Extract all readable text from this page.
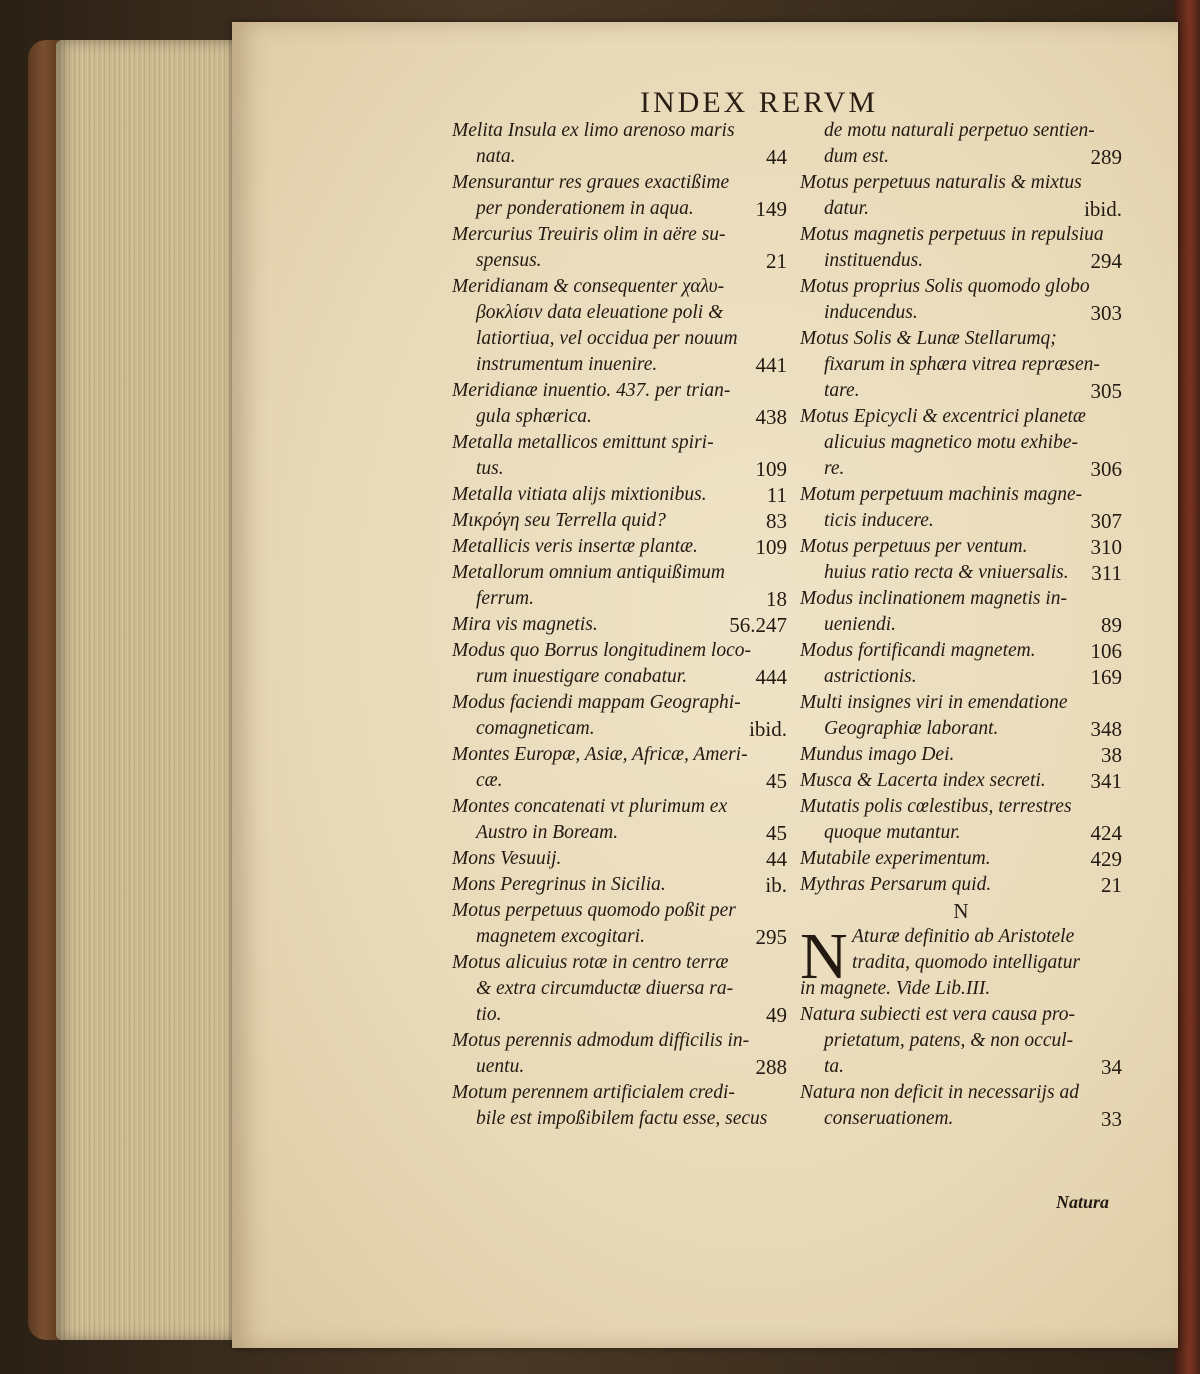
INDEX RERVM
Melita Insula ex limo arenoso maris
nata.	44
Mensurantur res graues exactißime
per ponderationem in aqua.	149
Mercurius Treuiris olim in aëre su-
spensus.	21
Meridianam & consequenter χαλυ-
βοκλίσιν data eleuatione poli &
latiortiua, vel occidua per nouum
instrumentum inuenire.	441
Meridianæ inuentio. 437. per trian-
gula sphærica.	438
Metalla metallicos emittunt spiri-
tus.	109
Metalla vitiata alijs mixtionibus.	11
Μικρόγη seu Terrella quid?	83
Metallicis veris insertæ plantæ.	109
Metallorum omnium antiquißimum
ferrum.	18
Mira vis magnetis.	56.247
Modus quo Borrus longitudinem loco-
rum inuestigare conabatur.	444
Modus faciendi mappam Geographi-
comagneticam.	ibid.
Montes Europæ, Asiæ, Africæ, Ameri-
cæ.	45
Montes concatenati vt plurimum ex
Austro in Boream.	45
Mons Vesuuij.	44
Mons Peregrinus in Sicilia.	ib.
Motus perpetuus quomodo poßit per
magnetem excogitari.	295
Motus alicuius rotæ in centro terræ
& extra circumductæ diuersa ra-
tio.	49
Motus perennis admodum difficilis in-
uentu.	288
Motum perennem artificialem credi-
bile est impoßibilem factu esse, secus
de motu naturali perpetuo sentien-
dum est.	289
Motus perpetuus naturalis & mixtus
datur.	ibid.
Motus magnetis perpetuus in repulsiua
instituendus.	294
Motus proprius Solis quomodo globo
inducendus.	303
Motus Solis & Lunæ Stellarumq;
fixarum in sphæra vitrea repræsen-
tare.	305
Motus Epicycli & excentrici planetæ
alicuius magnetico motu exhibe-
re.	306
Motum perpetuum machinis magne-
ticis inducere.	307
Motus perpetuus per ventum.	310
huius ratio recta & vniuersalis. 311
Modus inclinationem magnetis in-
ueniendi.	89
Modus fortificandi magnetem.	106
astrictionis.	169
Multi insignes viri in emendatione
Geographiæ laborant.	348
Mundus imago Dei.	38
Musca & Lacerta index secreti. 341
Mutatis polis cœlestibus, terrestres
quoque mutantur.	424
Mutabile experimentum.	429
Mythras Persarum quid.	21
N
N Aturæ definitio ab Aristotele
tradita, quomodo intelligatur
in magnete. Vide Lib.III.
Natura subiecti est vera causa pro-
prietatum, patens, & non occul-
ta.	34
Natura non deficit in necessarijs ad
conseruationem.	33
Natura
